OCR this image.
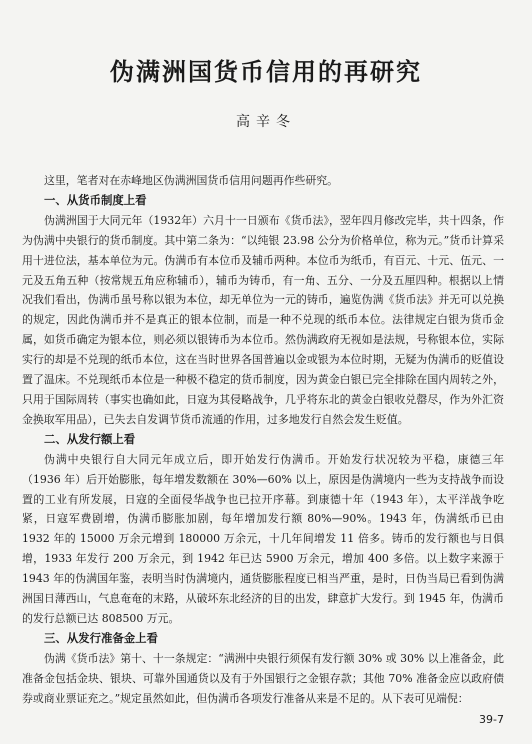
伪满洲国货币信用的再研究
高辛冬

这里，笔者对在赤峰地区伪满洲国货币信用问题再作些研究。

一、从货币制度上看

伪满洲国于大同元年（1932年）六月十一日颁布《货币法》，翌年四月修改完毕，共十四条，作为伪满中央银行的货币制度。其中第二条为：“以纯银 23.98 公分为价格单位，称为元。”货币计算采用十进位法，基本单位为元。伪满币有本位币及辅币两种。本位币为纸币，有百元、十元、伍元、一元及五角五种（按常规五角应称辅币），辅币为铸币，有一角、五分、一分及五厘四种。根据以上情况我们看出，伪满币虽号称以银为本位，却无单位为一元的铸币，遍览伪满《货币法》并无可以兑换的规定，因此伪满币并不是真正的银本位制，而是一种不兑现的纸币本位。法律规定白银为货币金属，如货币确定为银本位，则必须以银铸币为本位币。然伪满政府无视如是法规，号称银本位，实际实行的却是不兑现的纸币本位，这在当时世界各国普遍以金或银为本位时期，无疑为伪满币的贬值设置了温床。不兑现纸币本位是一种极不稳定的货币制度，因为黄金白银已完全排除在国内周转之外，只用于国际周转（事实也确如此，日寇为其侵略战争，几乎将东北的黄金白银收兑罄尽，作为外汇资金换取军用品），已失去自发调节货币流通的作用，过多地发行自然会发生贬值。

二、从发行额上看

伪满中央银行自大同元年成立后，即开始发行伪满币。开始发行状况较为平稳，康德三年（1936 年）后开始膨胀，每年增发数额在 30%—60% 以上，原因是伪满境内一些为支持战争而设置的工业有所发展，日寇的全面侵华战争也已拉开序幕。到康德十年（1943 年），太平洋战争吃紧，日寇军费剧增，伪满币膨胀加剧，每年增加发行额 80%—90%。1943 年，伪满纸币已由 1932 年的 15000 万余元增到 180000 万余元，十几年间增发 11 倍多。铸币的发行额也与日俱增，1933 年发行 200 万余元，到 1942 年已达 5900 万余元，增加 400 多倍。以上数字来源于 1943 年的伪满国年鉴，表明当时伪满境内，通货膨胀程度已相当严重，是时，日伪当局已看到伪满洲国日薄西山，气息奄奄的末路，从破坏东北经济的目的出发，肆意扩大发行。到 1945 年，伪满币的发行总额已达 808500 万元。

三、从发行准备金上看

伪满《货币法》第十、十一条规定：“满洲中央银行须保有发行额 30% 或 30% 以上准备金，此准备金包括金块、银块、可靠外国通货以及有于外国银行之金银存款；其他 70% 准备金应以政府债券或商业票证充之。”规定虽然如此，但伪满币各项发行准备从来是不足的。从下表可见端倪：

39-7
